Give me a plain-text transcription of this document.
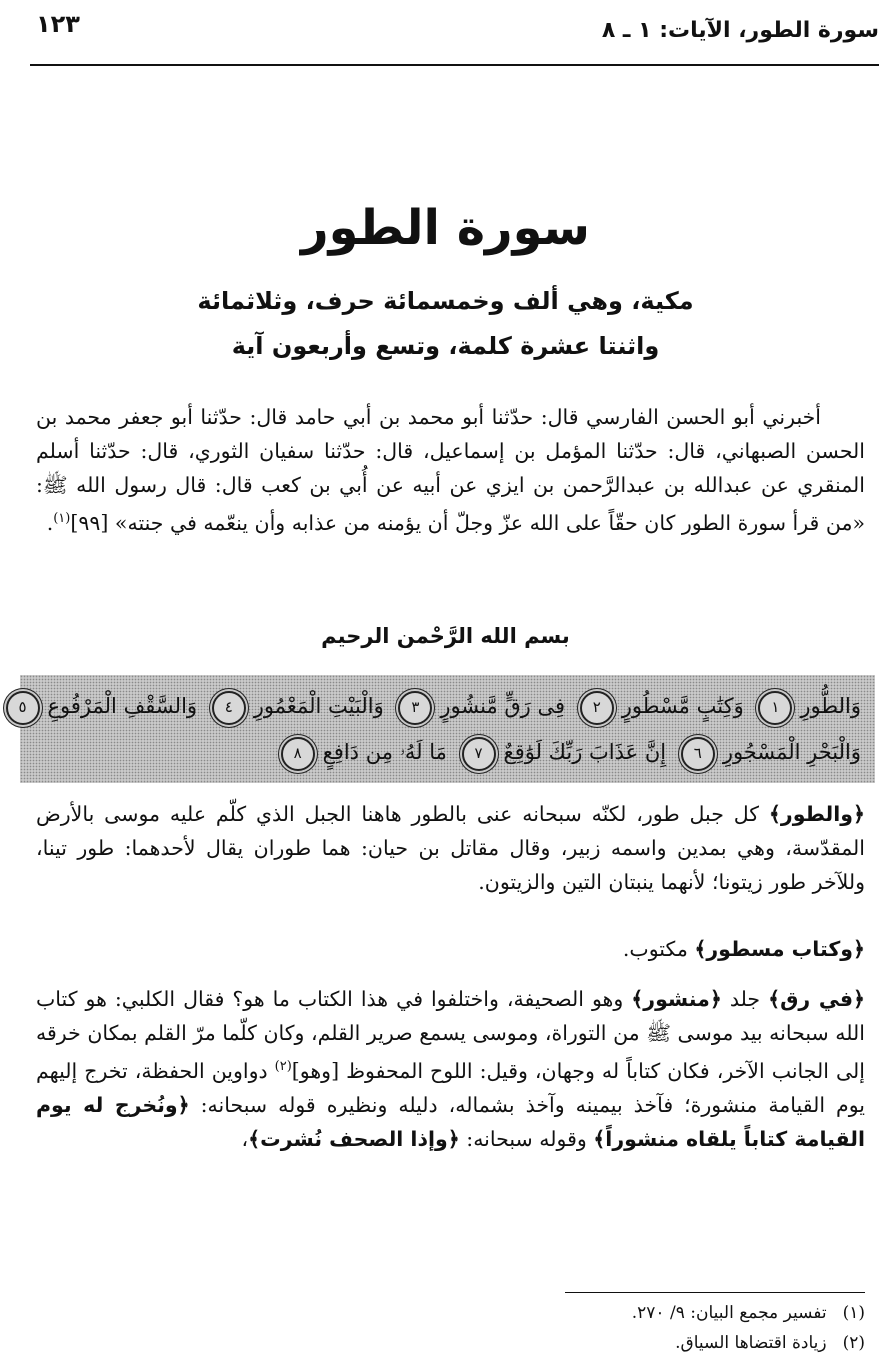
سورة الطور، الآيات: ١ ـ ٨
١٢٣
سورة الطور
مكية، وهي ألف وخمسمائة حرف، وثلاثمائة
واثنتا عشرة كلمة، وتسع وأربعون آية
أخبرني أبو الحسن الفارسي قال: حدّثنا أبو محمد بن أبي حامد قال: حدّثنا أبو جعفر محمد بن الحسن الصبهاني، قال: حدّثنا المؤمل بن إسماعيل، قال: حدّثنا سفيان الثوري، قال: حدّثنا أسلم المنقري عن عبدالله بن عبدالرَّحمن بن ايزي عن أبيه عن أُبي بن كعب قال: قال رسول الله ﷺ: «من قرأ سورة الطور كان حقّاً على الله عزّ وجلّ أن يؤمنه من عذابه وأن ينعّمه في جنته» [٩٩]$^{(١)}$.
بسم الله الرَّحْمن الرحيم
وَالطُّورِ١ وَكِتَٰبٍ مَّسْطُورٍ٢ فِى رَقٍّ مَّنشُورٍ٣ وَالْبَيْتِ الْمَعْمُورِ٤ وَالسَّقْفِ الْمَرْفُوعِ٥
وَالْبَحْرِ الْمَسْجُورِ٦ إِنَّ عَذَابَ رَبِّكَ لَوَٰقِعٌ٧ مَا لَهُۥ مِن دَافِعٍ٨
﴿والطور﴾ كل جبل طور، لكنّه سبحانه عنى بالطور هاهنا الجبل الذي كلّم عليه موسى بالأرض المقدّسة، وهي بمدين واسمه زبير، وقال مقاتل بن حيان: هما طوران يقال لأحدهما: طور تينا، وللآخر طور زيتونا؛ لأنهما ينبتان التين والزيتون.
﴿وكتاب مسطور﴾ مكتوب.
﴿في رق﴾ جلد ﴿منشور﴾ وهو الصحيفة، واختلفوا في هذا الكتاب ما هو؟ فقال الكلبي: هو كتاب الله سبحانه بيد موسى ﷺ من التوراة، وموسى يسمع صرير القلم، وكان كلّما مرّ القلم بمكان خرقه إلى الجانب الآخر، فكان كتاباً له وجهان، وقيل: اللوح المحفوظ [وهو]$^{(٢)}$ دواوين الحفظة، تخرج إليهم يوم القيامة منشورة؛ فآخذ بيمينه وآخذ بشماله، دليله ونظيره قوله سبحانه: ﴿ونُخرج له يوم القيامة كتاباً يلقاه منشوراً﴾ وقوله سبحانه: ﴿وإذا الصحف نُشرت﴾،
(١)تفسير مجمع البيان: ٩/ ٢٧٠.
(٢)زيادة اقتضاها السياق.
